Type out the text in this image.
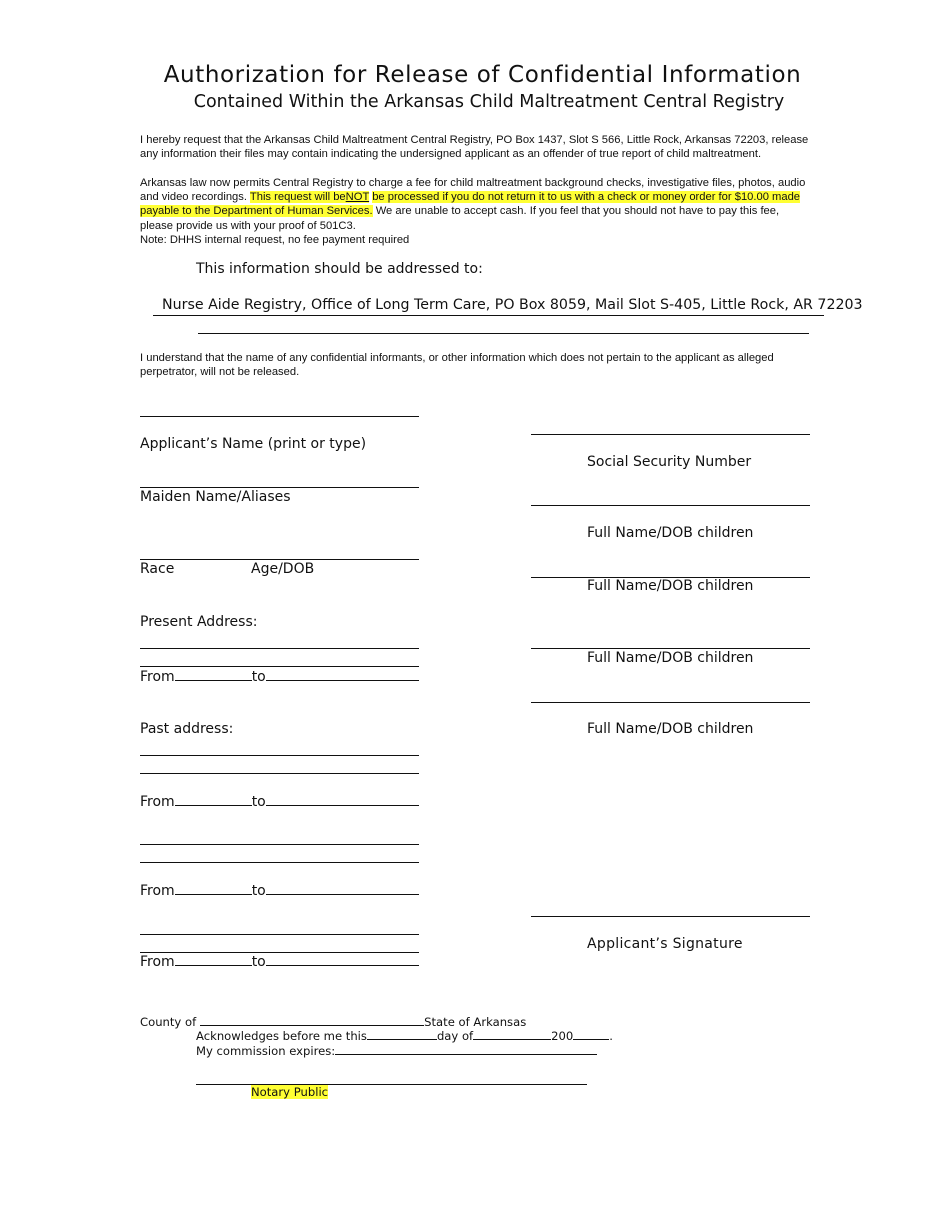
Authorization for Release of Confidential Information
Contained Within the Arkansas Child Maltreatment Central Registry
I hereby request that the Arkansas Child Maltreatment Central Registry, PO Box 1437, Slot S 566, Little Rock, Arkansas 72203, release any information their files may contain indicating the undersigned applicant as an offender of true report of child maltreatment.
Arkansas law now permits Central Registry to charge a fee for child maltreatment background checks, investigative files, photos, audio and video recordings. This request will beNOT be processed if you do not return it to us with a check or money order for $10.00 made payable to the Department of Human Services. We are unable to accept cash. If you feel that you should not have to pay this fee, please provide us with your proof of 501C3.
Note: DHHS internal request, no fee payment required
This information should be addressed to:
Nurse Aide Registry, Office of Long Term Care, PO Box 8059, Mail Slot S-405, Little Rock, AR 72203
I understand that the name of any confidential informants, or other information which does not pertain to the applicant as alleged perpetrator, will not be released.
Applicant’s Name (print or type)
Maiden Name/Aliases
Race	Age/DOB
Present Address:
From	to
Past address:
From	to
From	to
From	to
Social Security Number
Full Name/DOB children
Full Name/DOB children
Full Name/DOB children
Full Name/DOB children
Applicant’s Signature
County of	State of Arkansas
Acknowledges before me this	day of	200	.
My commission expires:
Notary Public
